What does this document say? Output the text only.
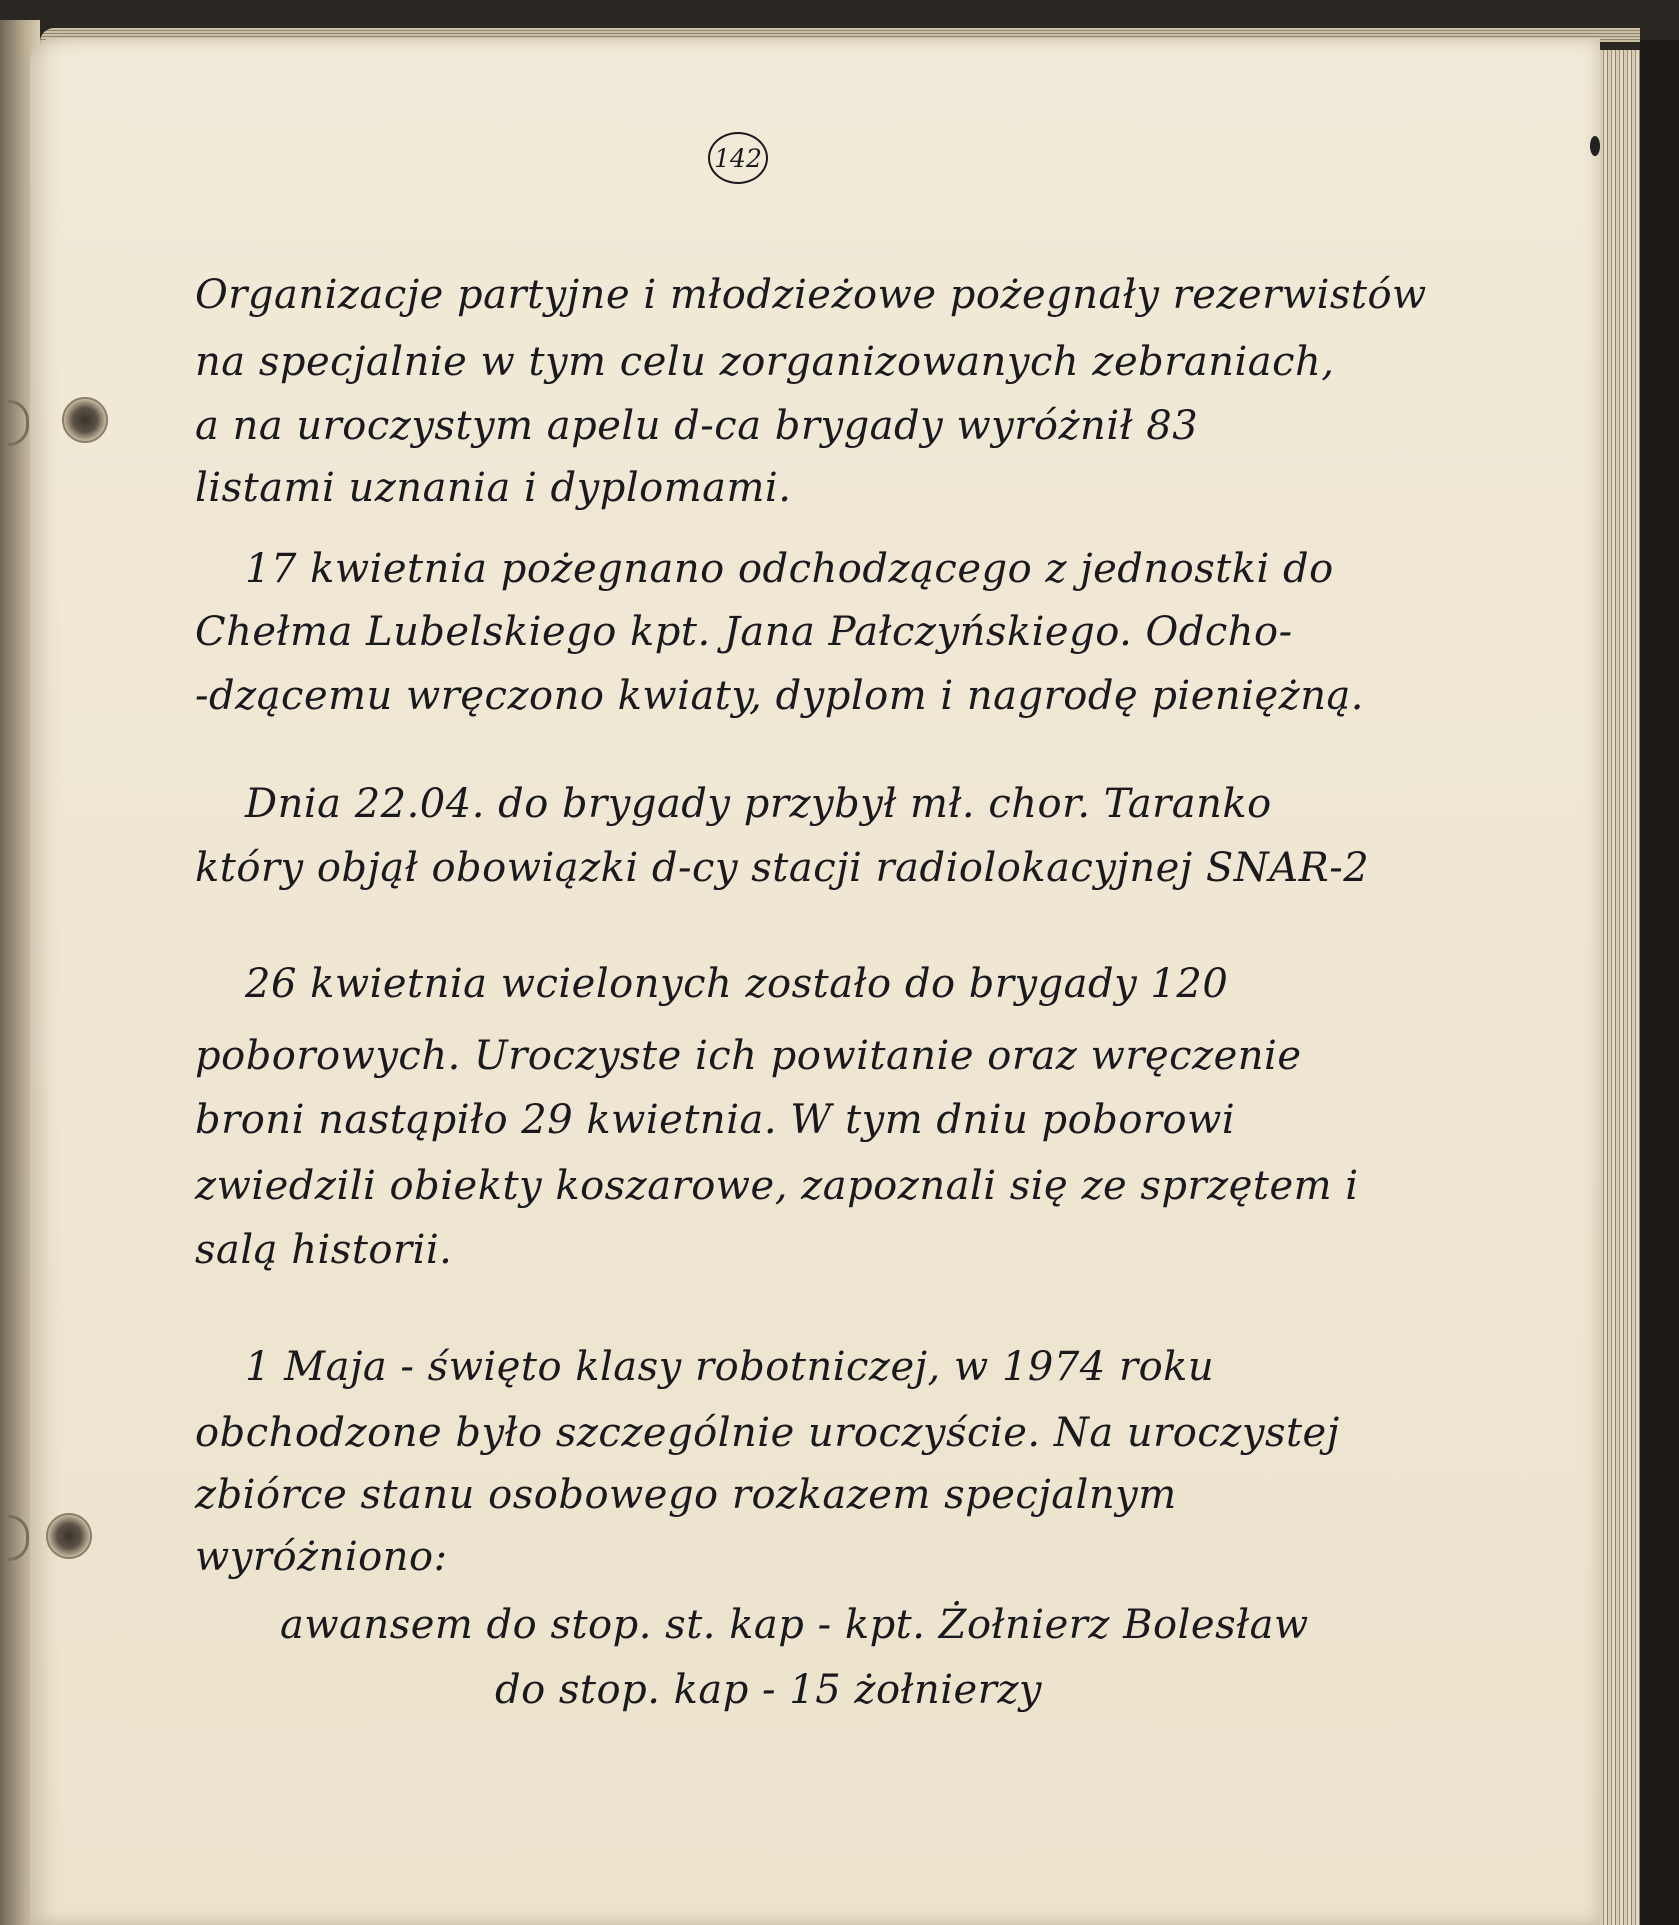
142
Organizacje partyjne i młodzieżowe pożegnały rezerwistów
na specjalnie w tym celu zorganizowanych zebraniach,
a na uroczystym apelu d-ca brygady wyróżnił 83
listami uznania i dyplomami.
17 kwietnia pożegnano odchodzącego z jednostki do
Chełma Lubelskiego kpt. Jana Pałczyńskiego. Odcho-
-dzącemu wręczono kwiaty, dyplom i nagrodę pieniężną.
Dnia 22.04. do brygady przybył mł. chor. Taranko
który objął obowiązki d-cy stacji radiolokacyjnej SNAR-2
26 kwietnia wcielonych zostało do brygady 120
poborowych. Uroczyste ich powitanie oraz wręczenie
broni nastąpiło 29 kwietnia. W tym dniu poborowi
zwiedzili obiekty koszarowe, zapoznali się ze sprzętem i
salą historii.
1 Maja - święto klasy robotniczej, w 1974 roku
obchodzone było szczególnie uroczyście. Na uroczystej
zbiórce stanu osobowego rozkazem specjalnym
wyróżniono:
awansem do stop. st. kap - kpt. Żołnierz Bolesław
do stop. kap - 15 żołnierzy
